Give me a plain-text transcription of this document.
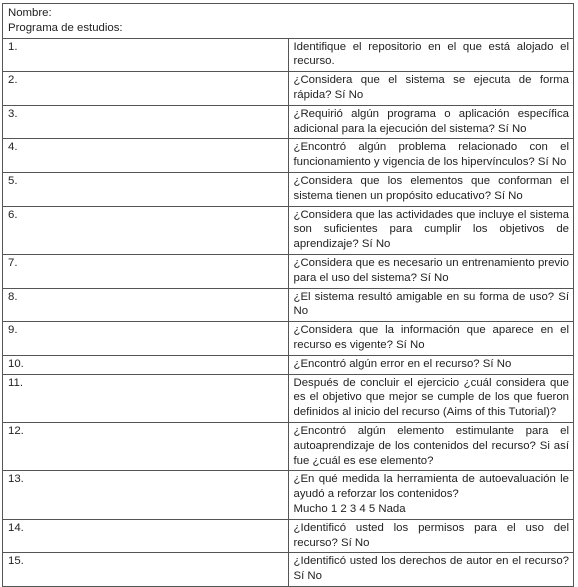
Nombre:
Programa de estudios:	

1.	Identifique el repositorio en el que está alojado el recurso.

2.	¿Considera que el sistema se ejecuta de forma rápida? Sí No

3.	¿Requirió algún programa o aplicación específica adicional para la ejecución del sistema? Sí No

4.	¿Encontró algún problema relacionado con el funcionamiento y vigencia de los hipervínculos? Sí No

5.	¿Considera que los elementos que conforman el sistema tienen un propósito educativo? Sí No

6.	¿Considera que las actividades que incluye el sistema son suficientes para cumplir los objetivos de aprendizaje? Sí No

7.	¿Considera que es necesario un entrenamiento previo para el uso del sistema? Sí No

8.	¿El sistema resultó amigable en su forma de uso? Sí No

9.	¿Considera que la información que aparece en el recurso es vigente? Sí No

10.	¿Encontró algún error en el recurso? Sí No

11.	Después de concluir el ejercicio ¿cuál considera que es el objetivo que mejor se cumple de los que fueron definidos al inicio del recurso (Aims of this Tutorial)?

12.	¿Encontró algún elemento estimulante para el autoaprendizaje de los contenidos del recurso? Si así fue ¿cuál es ese elemento?

13.	¿En qué medida la herramienta de autoevaluación le ayudó a reforzar los contenidos?
Mucho 1 2 3 4 5 Nada

14.	¿Identificó usted los permisos para el uso del recurso? Sí No

15.	¿Identificó usted los derechos de autor en el recurso? Sí No
